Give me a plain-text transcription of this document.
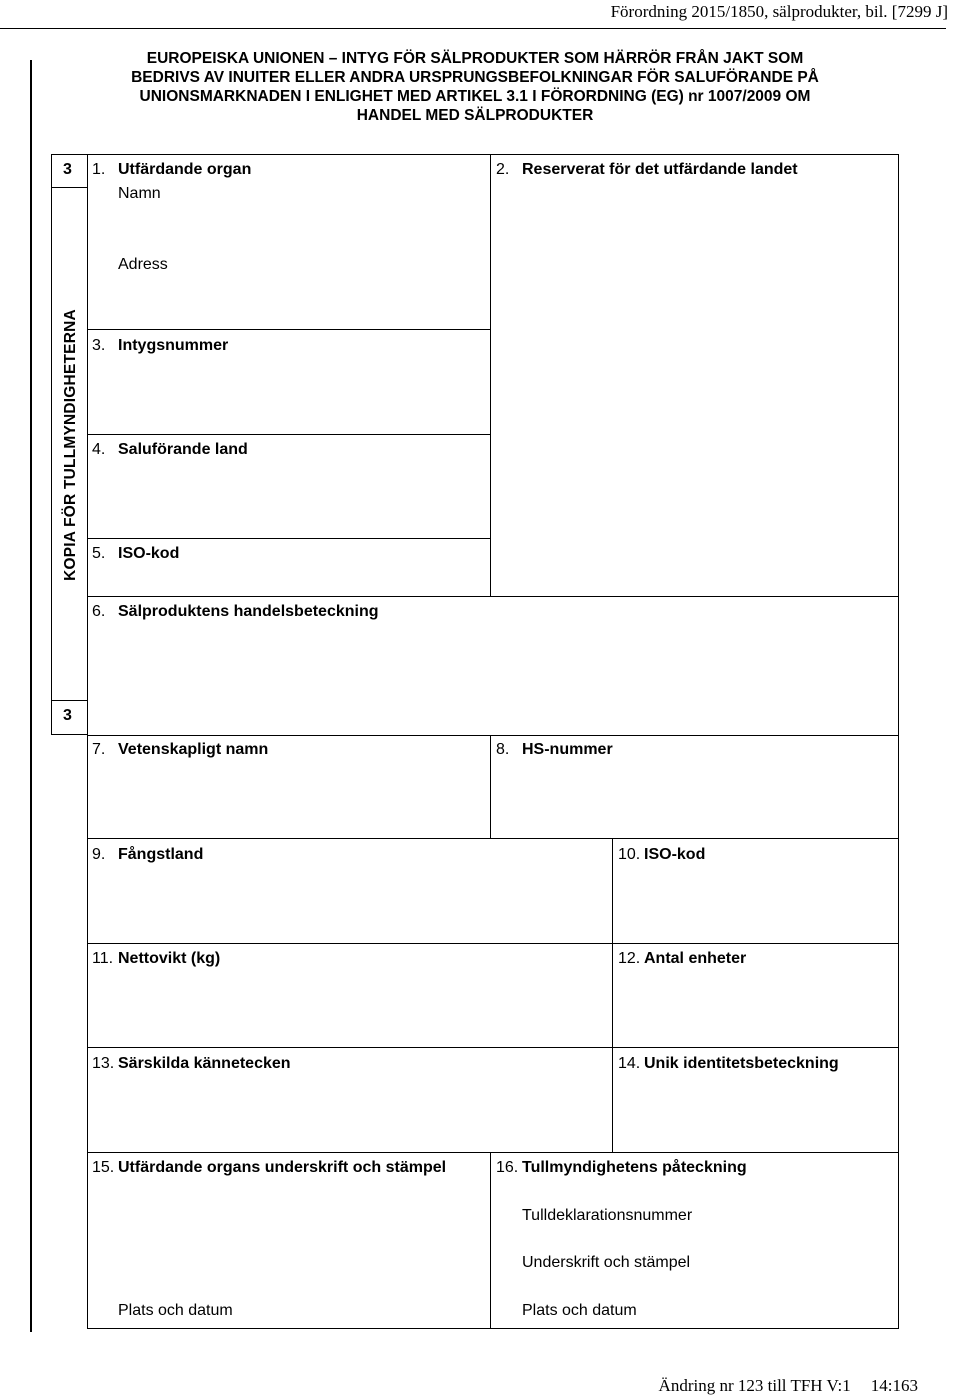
Förordning 2015/1850, sälprodukter, bil. [7299 J]
EUROPEISKA UNIONEN – INTYG FÖR SÄLPRODUKTER SOM HÄRRÖR FRÅN JAKT SOM
BEDRIVS AV INUITER ELLER ANDRA URSPRUNGSBEFOLKNINGAR FÖR SALUFÖRANDE PÅ
UNIONSMARKNADEN I ENLIGHET MED ARTIKEL 3.1 I FÖRORDNING (EG) nr 1007/2009 OM
HANDEL MED SÄLPRODUKTER
3
KOPIA FÖR TULLMYNDIGHETERNA
3
1. Utfärdande organ
Namn
Adress
2. Reserverat för det utfärdande landet
3. Intygsnummer
4. Saluförande land
5. ISO-kod
6. Sälproduktens handelsbeteckning
7. Vetenskapligt namn	8. HS-nummer
9. Fångstland	10. ISO-kod
11. Nettovikt (kg)	12. Antal enheter
13. Särskilda kännetecken	14. Unik identitetsbeteckning
15. Utfärdande organs underskrift och stämpel
Plats och datum
16. Tullmyndighetens påteckning
Tulldeklarationsnummer
Underskrift och stämpel
Plats och datum
Ändring nr 123 till TFH V:1 14:163
